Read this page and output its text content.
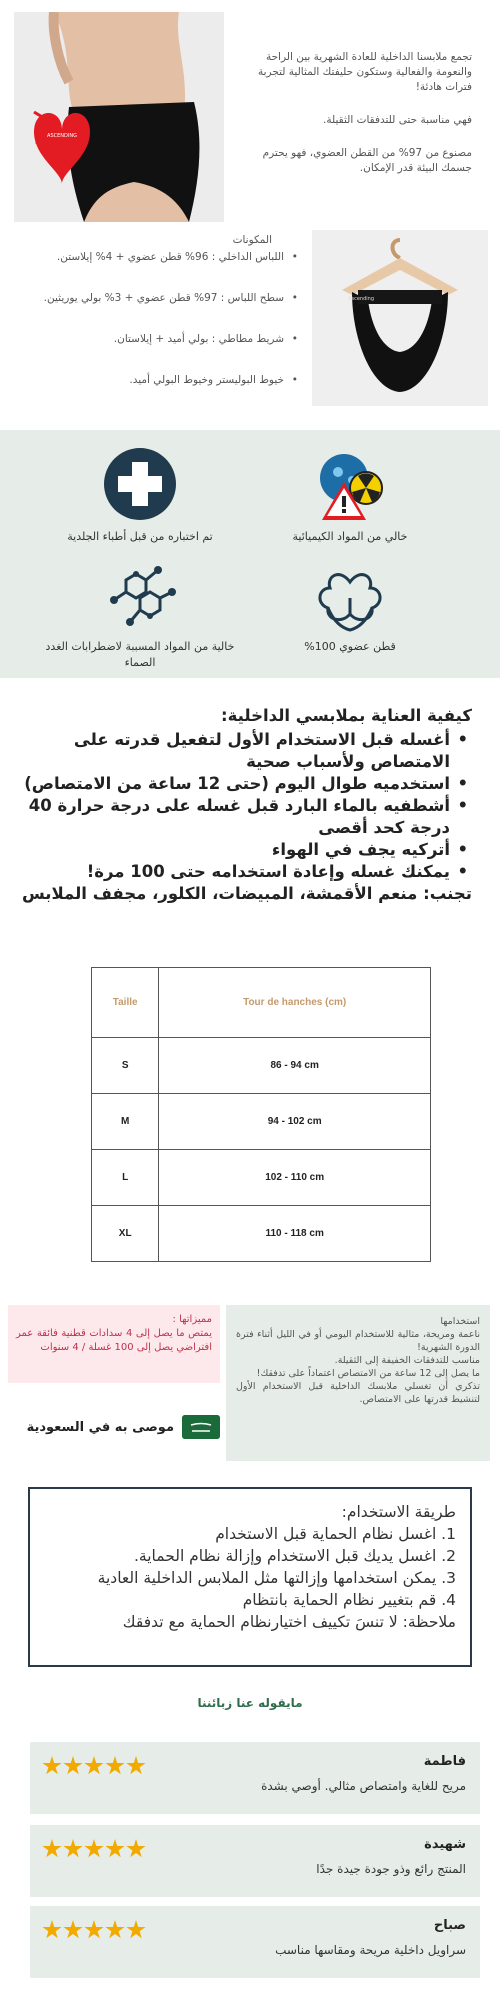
ASCENDING

تجمع ملابسنا الداخلية للعادة الشهرية بين الراحة والنعومة والفعالية وستكون حليفتك المثالية لتجربة فترات هادئة!

فهي مناسبة حتى للتدفقات الثقيلة.

مصنوع من 97% من القطن العضوي، فهو يحترم جسمك البيئة قدر الإمكان.

Ascending
المكونات
• اللباس الداخلي : 96% قطن عضوي + 4% إيلاستن.
• سطح اللباس : 97% قطن عضوي + 3% بولي يوريثين.
• شريط مطاطي : بولي أميد + إيلاستان.
• خيوط البوليستر وخيوط البولي أميد.
خالي من المواد الكيميائية
تم اختباره من قبل أطباء الجلدية
خالية من المواد المسببة لاضطرابات الغدد الصماء
قطن عضوي 100%
كيفية العناية بملابسي الداخلية:
• أغسله قبل الاستخدام الأول لتفعيل قدرته على الامتصاص ولأسباب صحية
• استخدميه طوال اليوم (حتى 12 ساعة من الامتصاص)
• أشطفيه بالماء البارد قبل غسله على درجة حرارة 40 درجة كحد أقصى
• أتركيه يجف في الهواء
• يمكنك غسله وإعادة استخدامه حتى 100 مرة!
تجنب: منعم الأقمشة، المبيضات، الكلور، مجفف الملابس
Taille	Tour de hanches (cm)
S	86 - 94 cm
M	94 - 102 cm
L	102 - 110 cm
XL	110 - 118 cm
مميزاتها :
يمتص ما يصل إلى 4 سدادات قطنية فائقة عمر افتراضي يصل إلى 100 غسلة / 4 سنوات
استخدامها
ناعمة ومريحة، مثالية للاستخدام اليومي أو في الليل أثناء فترة الدورة الشهرية!
مناسب للتدفقات الخفيفة إلى الثقيلة.
ما يصل إلى 12 ساعة من الامتصاص اعتماداً على تدفقك!
تذكري أن تغسلي ملابسك الداخلية قبل الاستخدام الأول لتنشيط قدرتها على الامتصاص.
موصى به في السعودية
طريقة الاستخدام:
1. اغسل نظام الحماية قبل الاستخدام
2. اغسل يديك قبل الاستخدام وإزالة نظام الحماية.
3. يمكن استخدامها وإزالتها مثل الملابس الداخلية العادية
4. قم بتغيير نظام الحماية بانتظام
ملاحظة: لا تنسَ تكييف اختيارنظام الحماية مع تدفقك
مايقوله عنا زبائننا
فاطمة
مريح للغاية وامتصاص مثالي. أوصي بشدة
شهيدة
المنتج رائع وذو جودة جيدة جدًا
صباح
سراويل داخلية مريحة ومقاسها مناسب
